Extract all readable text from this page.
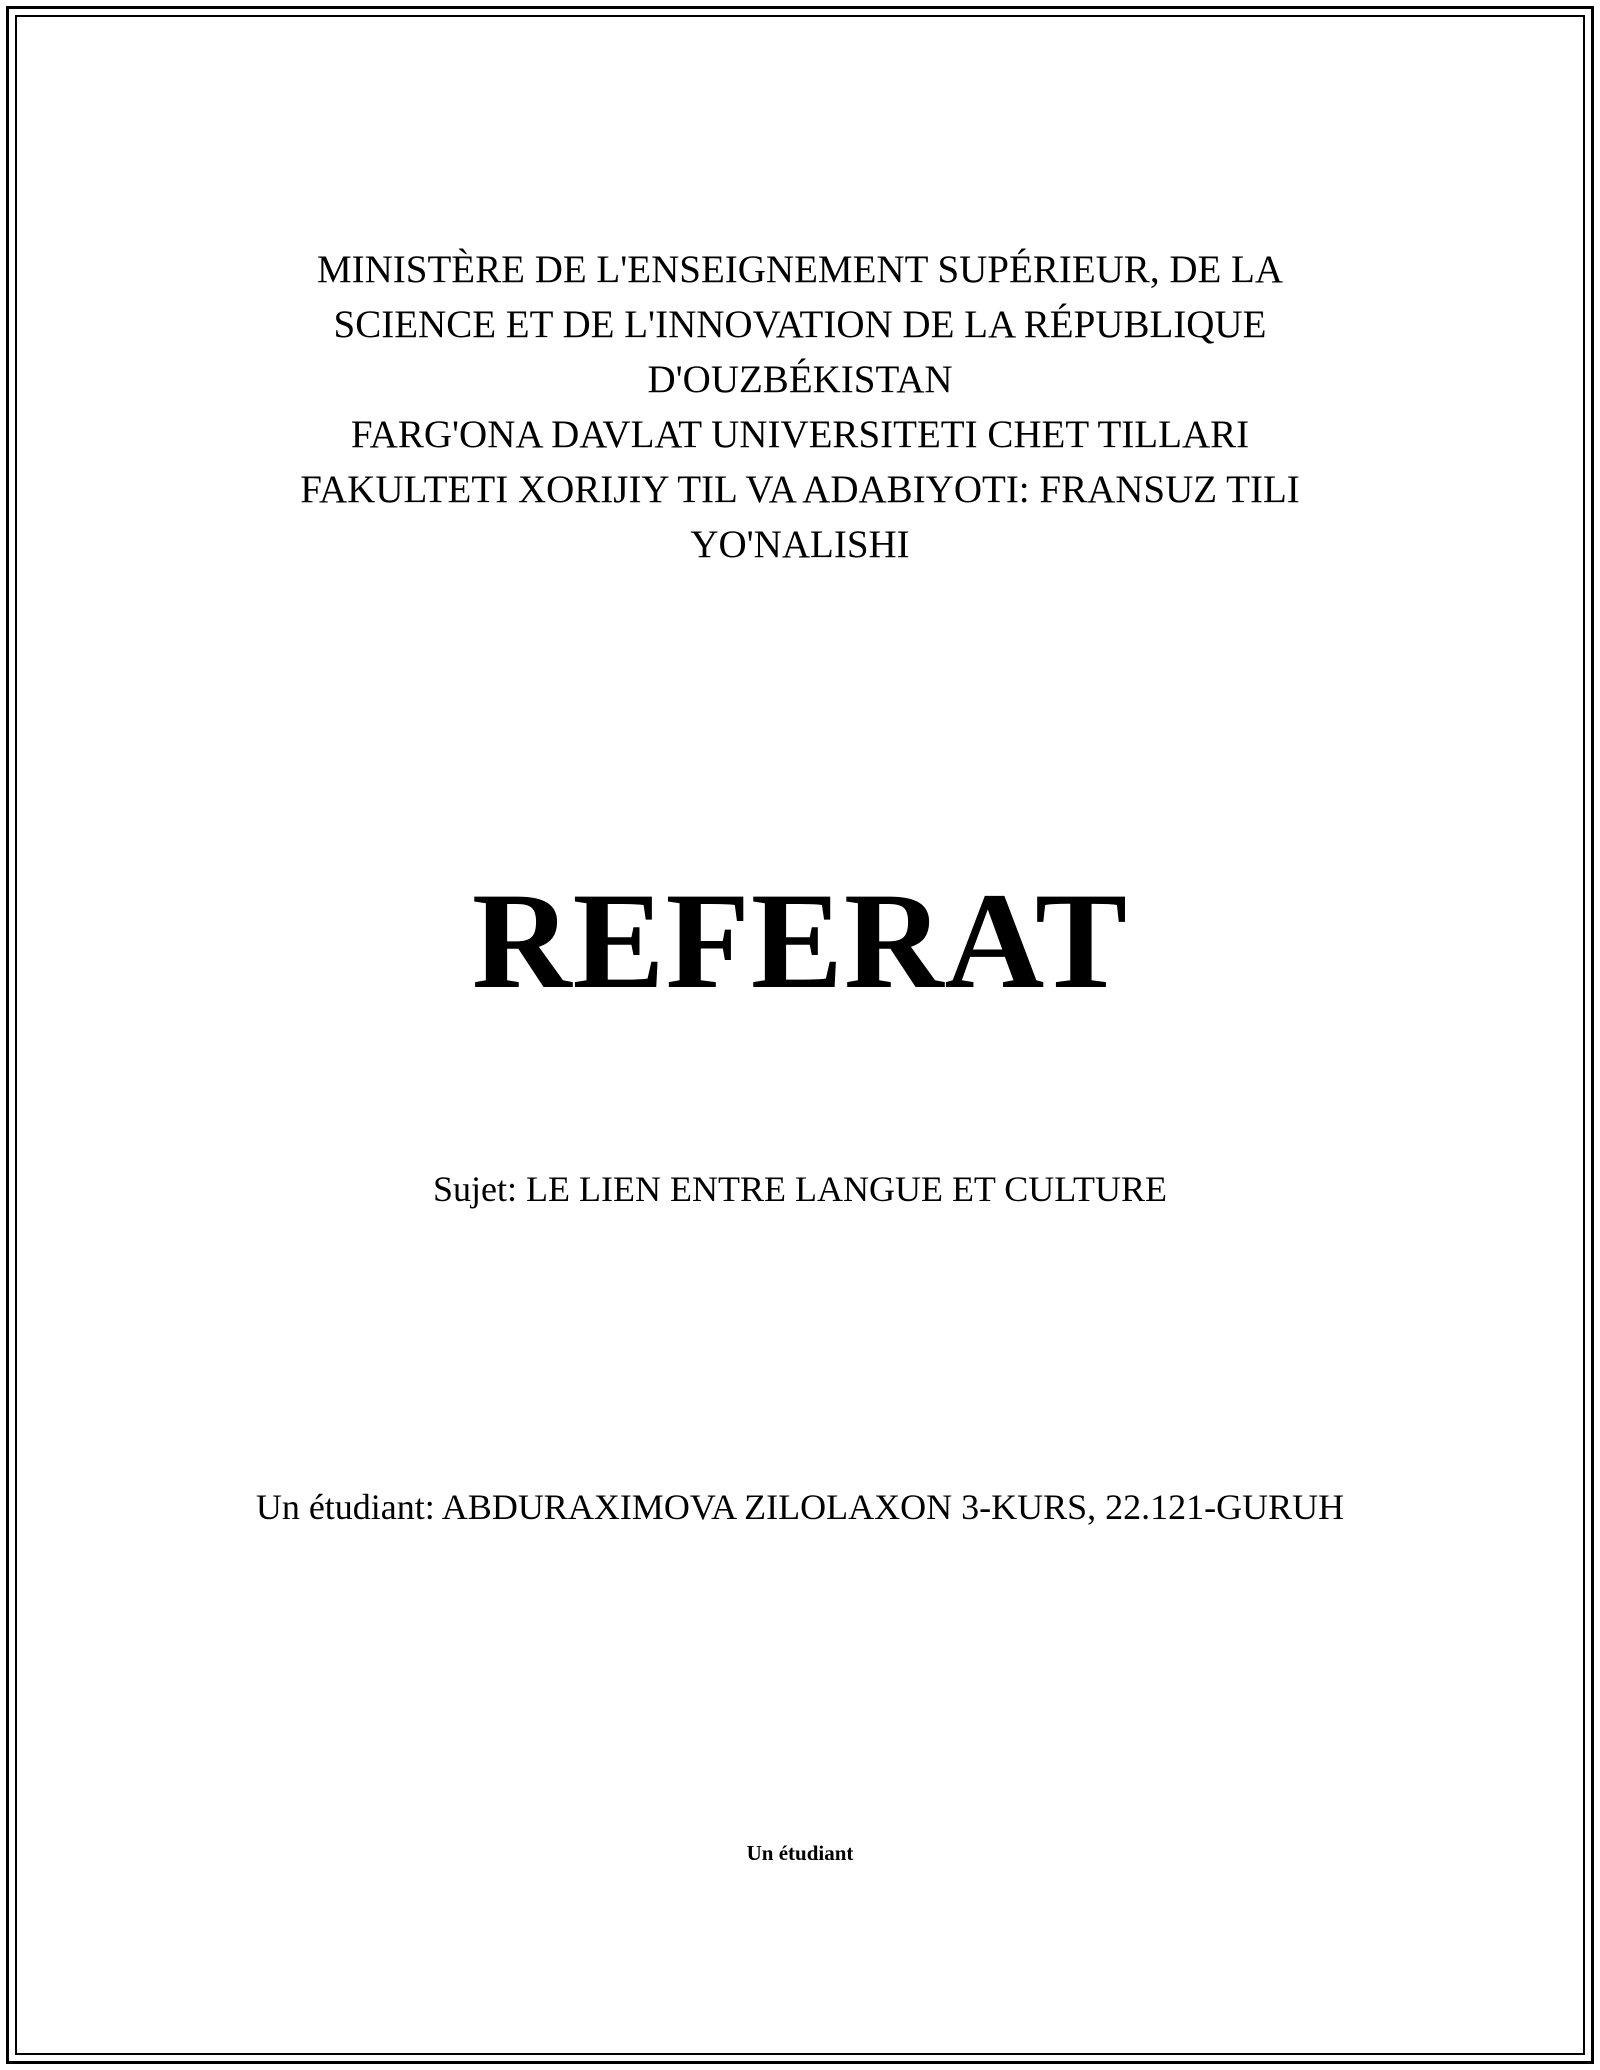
MINISTÈRE DE L'ENSEIGNEMENT SUPÉRIEUR, DE LA
SCIENCE ET DE L'INNOVATION DE LA RÉPUBLIQUE
D'OUZBÉKISTAN
FARG'ONA DAVLAT UNIVERSITETI CHET TILLARI
FAKULTETI XORIJIY TIL VA ADABIYOTI: FRANSUZ TILI
YO'NALISHI
REFERAT
Sujet: LE LIEN ENTRE LANGUE ET CULTURE
Un étudiant: ABDURAXIMOVA ZILOLAXON 3-KURS, 22.121-GURUH
Un étudiant
